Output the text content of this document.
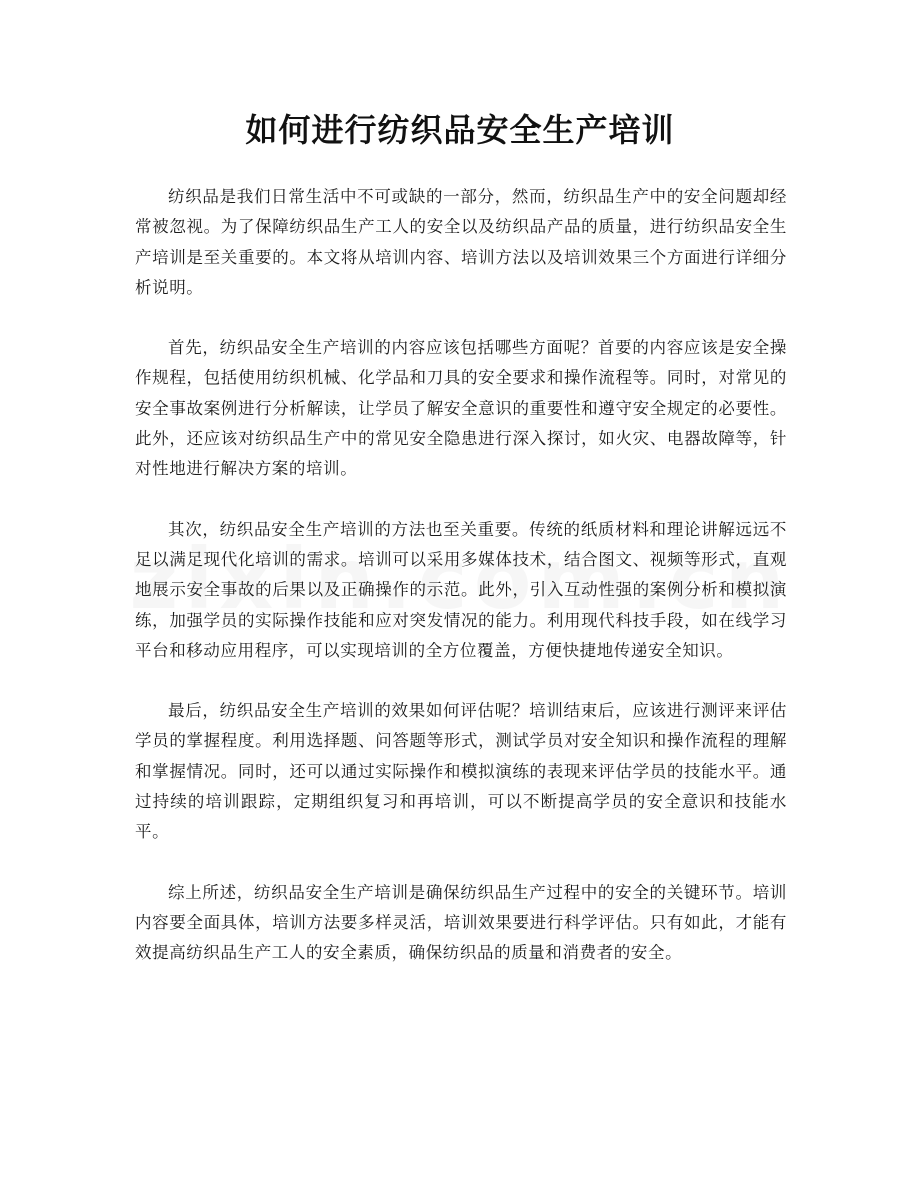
如何进行纺织品安全生产培训

纺织品是我们日常生活中不可或缺的一部分，然而，纺织品生产中的安全问题却经常被忽视。为了保障纺织品生产工人的安全以及纺织品产品的质量，进行纺织品安全生产培训是至关重要的。本文将从培训内容、培训方法以及培训效果三个方面进行详细分析说明。

首先，纺织品安全生产培训的内容应该包括哪些方面呢？首要的内容应该是安全操作规程，包括使用纺织机械、化学品和刀具的安全要求和操作流程等。同时，对常见的安全事故案例进行分析解读，让学员了解安全意识的重要性和遵守安全规定的必要性。此外，还应该对纺织品生产中的常见安全隐患进行深入探讨，如火灾、电器故障等，针对性地进行解决方案的培训。

其次，纺织品安全生产培训的方法也至关重要。传统的纸质材料和理论讲解远远不足以满足现代化培训的需求。培训可以采用多媒体技术，结合图文、视频等形式，直观地展示安全事故的后果以及正确操作的示范。此外，引入互动性强的案例分析和模拟演练，加强学员的实际操作技能和应对突发情况的能力。利用现代科技手段，如在线学习平台和移动应用程序，可以实现培训的全方位覆盖，方便快捷地传递安全知识。

最后，纺织品安全生产培训的效果如何评估呢？培训结束后，应该进行测评来评估学员的掌握程度。利用选择题、问答题等形式，测试学员对安全知识和操作流程的理解和掌握情况。同时，还可以通过实际操作和模拟演练的表现来评估学员的技能水平。通过持续的培训跟踪，定期组织复习和再培训，可以不断提高学员的安全意识和技能水平。

综上所述，纺织品安全生产培训是确保纺织品生产过程中的安全的关键环节。培训内容要全面具体，培训方法要多样灵活，培训效果要进行科学评估。只有如此，才能有效提高纺织品生产工人的安全素质，确保纺织品的质量和消费者的安全。
